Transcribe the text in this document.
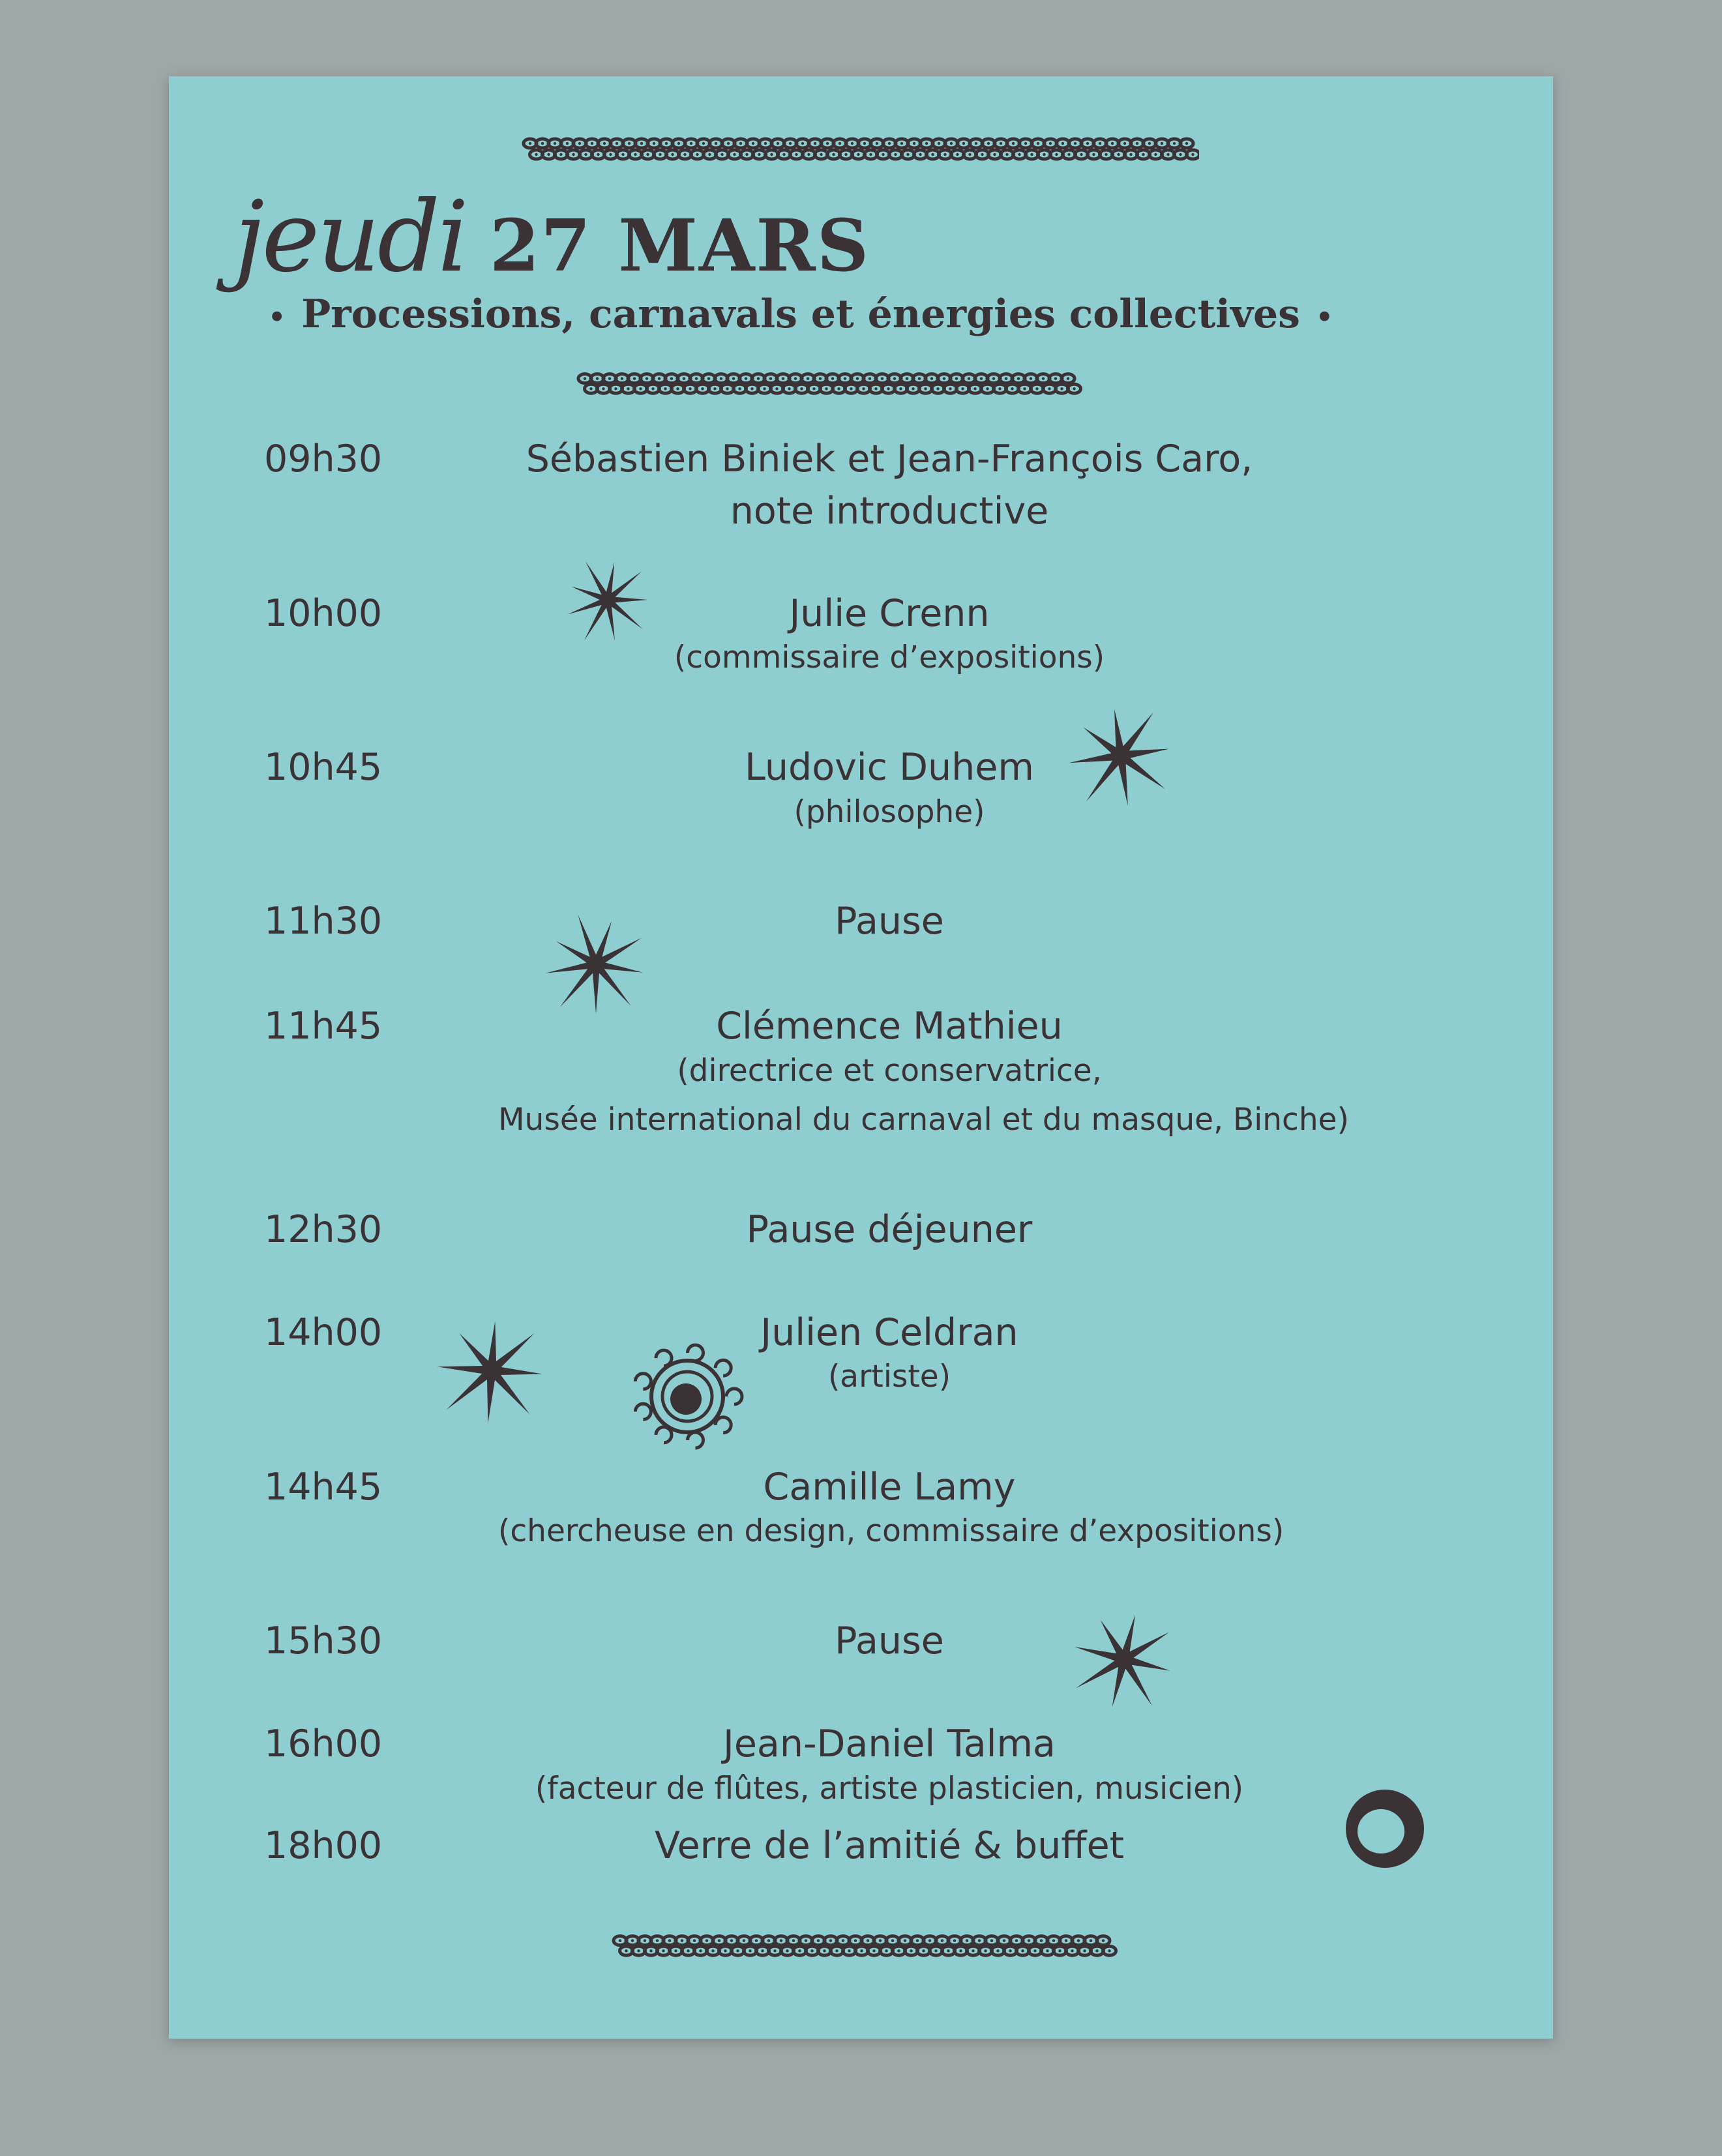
jeudi 27 MARS
• Processions, carnavals et énergies collectives •
09h30	Sébastien Biniek et Jean-François Caro,
note introductive
10h00	Julie Crenn
(commissaire d’expositions)
10h45	Ludovic Duhem
(philosophe)
11h30	Pause
11h45	Clémence Mathieu
(directrice et conservatrice,
Musée international du carnaval et du masque, Binche)
12h30	Pause déjeuner
14h00	Julien Celdran
(artiste)
14h45	Camille Lamy
(chercheuse en design, commissaire d’expositions)
15h30	Pause
16h00	Jean-Daniel Talma
(facteur de flûtes, artiste plasticien, musicien)
18h00	Verre de l’amitié & buffet
